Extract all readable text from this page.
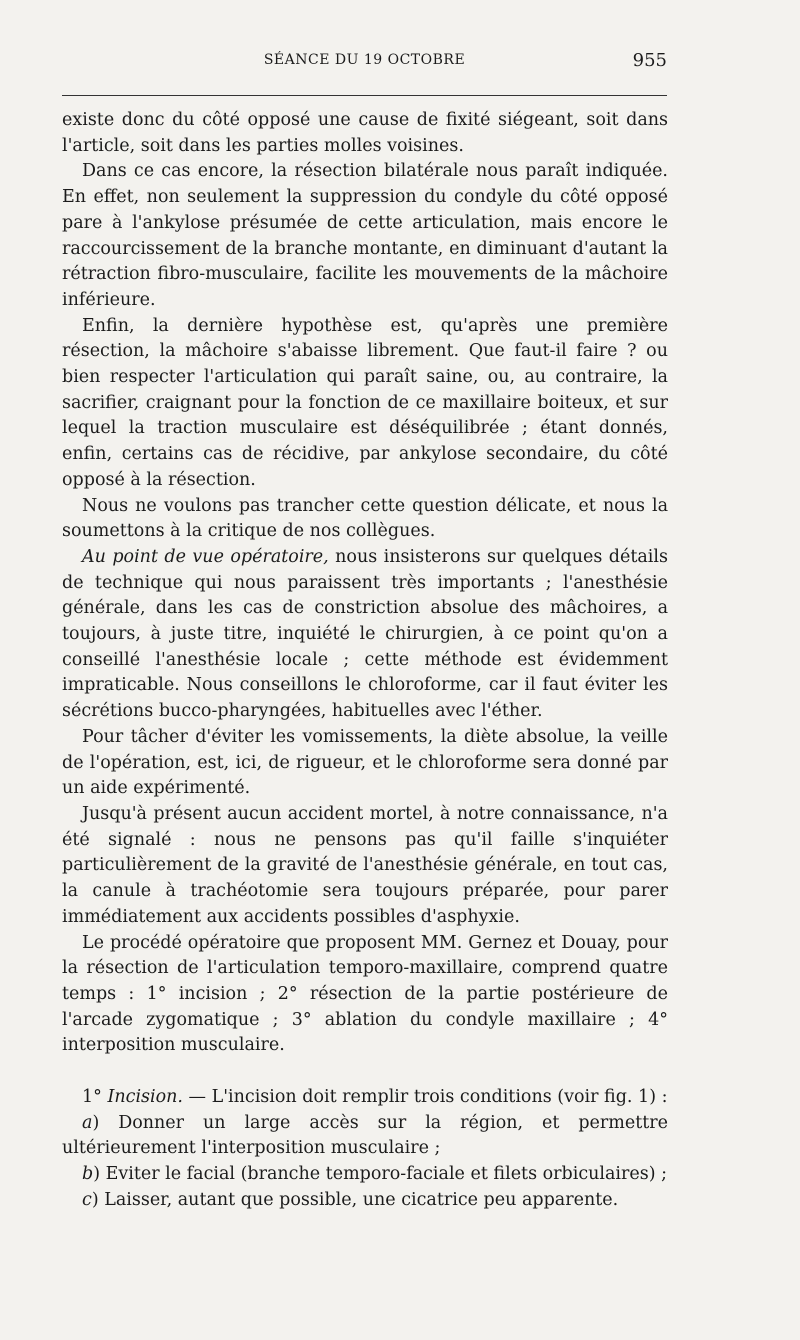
SÉANCE DU 19 OCTOBRE	955

existe donc du côté opposé une cause de fixité siégeant, soit dans l'article, soit dans les parties molles voisines.

Dans ce cas encore, la résection bilatérale nous paraît indiquée. En effet, non seulement la suppression du condyle du côté opposé pare à l'ankylose présumée de cette articulation, mais encore le raccourcissement de la branche montante, en diminuant d'autant la rétraction fibro-musculaire, facilite les mouvements de la mâchoire inférieure.

Enfin, la dernière hypothèse est, qu'après une première résection, la mâchoire s'abaisse librement. Que faut-il faire ? ou bien respecter l'articulation qui paraît saine, ou, au contraire, la sacrifier, craignant pour la fonction de ce maxillaire boiteux, et sur lequel la traction musculaire est déséquilibrée ; étant donnés, enfin, certains cas de récidive, par ankylose secondaire, du côté opposé à la résection.

Nous ne voulons pas trancher cette question délicate, et nous la soumettons à la critique de nos collègues.

Au point de vue opératoire, nous insisterons sur quelques détails de technique qui nous paraissent très importants ; l'anesthésie générale, dans les cas de constriction absolue des mâchoires, a toujours, à juste titre, inquiété le chirurgien, à ce point qu'on a conseillé l'anesthésie locale ; cette méthode est évidemment impraticable. Nous conseillons le chloroforme, car il faut éviter les sécrétions bucco-pharyngées, habituelles avec l'éther.

Pour tâcher d'éviter les vomissements, la diète absolue, la veille de l'opération, est, ici, de rigueur, et le chloroforme sera donné par un aide expérimenté.

Jusqu'à présent aucun accident mortel, à notre connaissance, n'a été signalé : nous ne pensons pas qu'il faille s'inquiéter particulièrement de la gravité de l'anesthésie générale, en tout cas, la canule à trachéotomie sera toujours préparée, pour parer immédiatement aux accidents possibles d'asphyxie.

Le procédé opératoire que proposent MM. Gernez et Douay, pour la résection de l'articulation temporo-maxillaire, comprend quatre temps : 1° incision ; 2° résection de la partie postérieure de l'arcade zygomatique ; 3° ablation du condyle maxillaire ; 4° interposition musculaire.

1° Incision. — L'incision doit remplir trois conditions (voir fig. 1) :

a) Donner un large accès sur la région, et permettre ultérieurement l'interposition musculaire ;

b) Eviter le facial (branche temporo-faciale et filets orbiculaires) ;

c) Laisser, autant que possible, une cicatrice peu apparente.
